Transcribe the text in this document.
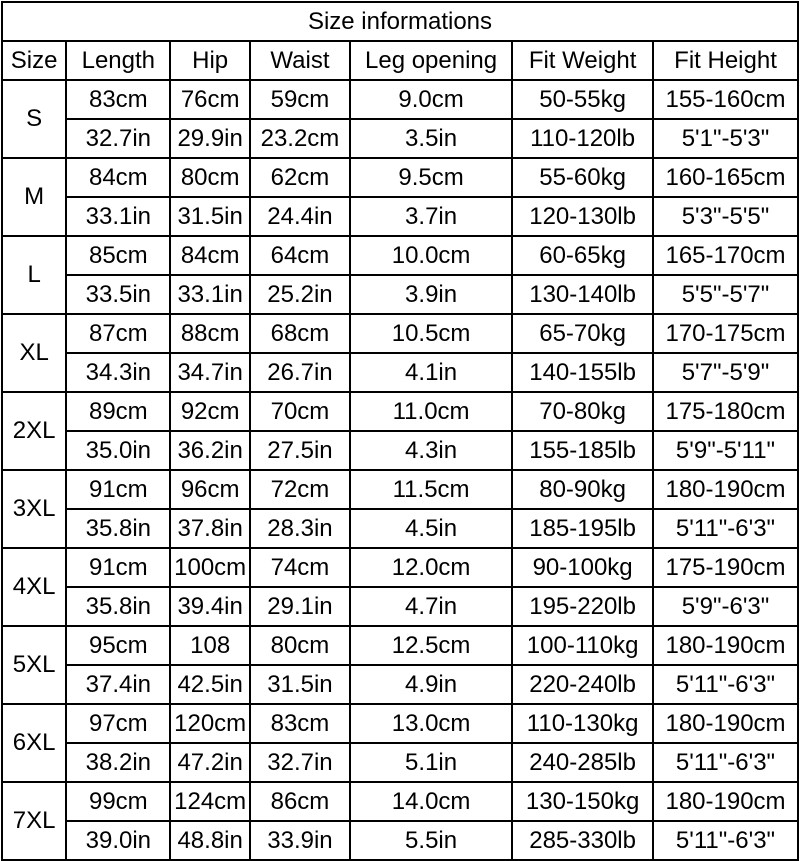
Size informations						
Size	Length	Hip	Waist	Leg opening	Fit Weight	Fit Height
S	83cm	76cm	59cm	9.0cm	50-55kg	155-160cm
	32.7in	29.9in	23.2cm	3.5in	110-120lb	5'1"-5'3"
M	84cm	80cm	62cm	9.5cm	55-60kg	160-165cm
	33.1in	31.5in	24.4in	3.7in	120-130lb	5'3"-5'5"
L	85cm	84cm	64cm	10.0cm	60-65kg	165-170cm
	33.5in	33.1in	25.2in	3.9in	130-140lb	5'5"-5'7"
XL	87cm	88cm	68cm	10.5cm	65-70kg	170-175cm
	34.3in	34.7in	26.7in	4.1in	140-155lb	5'7"-5'9"
2XL	89cm	92cm	70cm	11.0cm	70-80kg	175-180cm
	35.0in	36.2in	27.5in	4.3in	155-185lb	5'9"-5'11"
3XL	91cm	96cm	72cm	11.5cm	80-90kg	180-190cm
	35.8in	37.8in	28.3in	4.5in	185-195lb	5'11"-6'3"
4XL	91cm	100cm	74cm	12.0cm	90-100kg	175-190cm
	35.8in	39.4in	29.1in	4.7in	195-220lb	5'9"-6'3"
5XL	95cm	108	80cm	12.5cm	100-110kg	180-190cm
	37.4in	42.5in	31.5in	4.9in	220-240lb	5'11"-6'3"
6XL	97cm	120cm	83cm	13.0cm	110-130kg	180-190cm
	38.2in	47.2in	32.7in	5.1in	240-285lb	5'11"-6'3"
7XL	99cm	124cm	86cm	14.0cm	130-150kg	180-190cm
	39.0in	48.8in	33.9in	5.5in	285-330lb	5'11"-6'3"
